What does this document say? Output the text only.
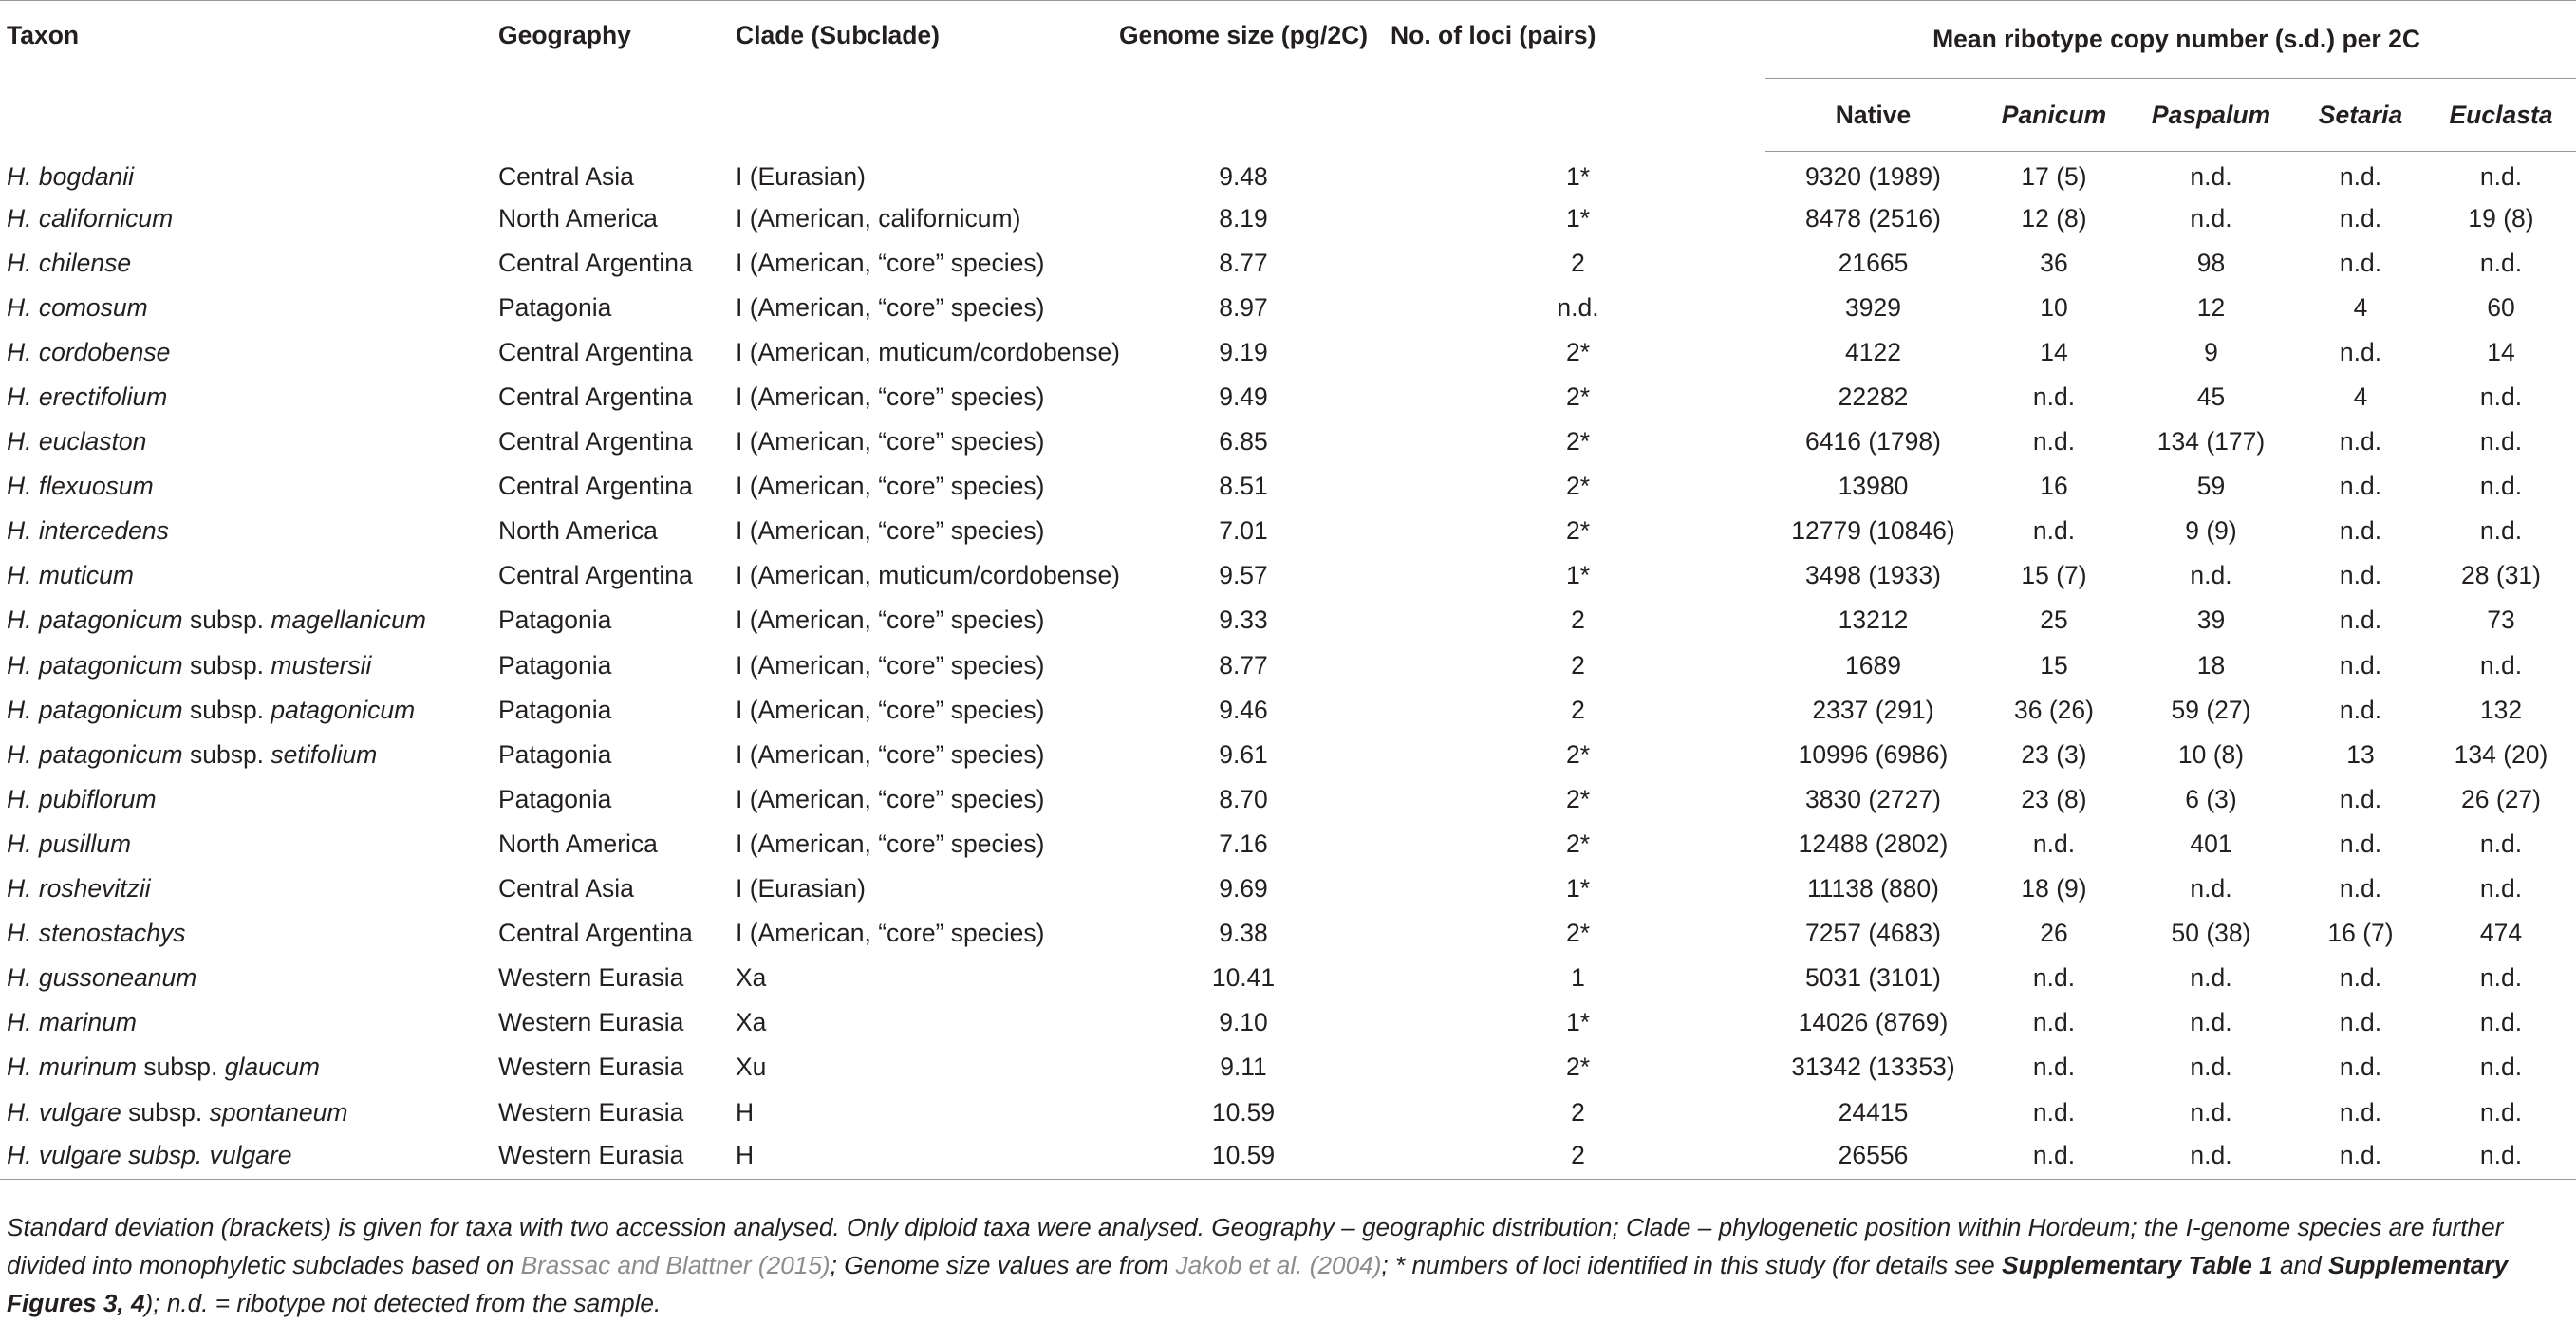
Taxon	Geography	Clade (Subclade)	Genome size (pg/2C)	No. of loci (pairs)	Mean ribotype copy number (s.d.) per 2C				
					Native	Panicum	Paspalum	Setaria	Euclasta
H. bogdanii	Central Asia	I (Eurasian)	9.48	1*	9320 (1989)	17 (5)	n.d.	n.d.	n.d.
H. californicum	North America	I (American, californicum)	8.19	1*	8478 (2516)	12 (8)	n.d.	n.d.	19 (8)
H. chilense	Central Argentina	I (American, “core” species)	8.77	2	21665	36	98	n.d.	n.d.
H. comosum	Patagonia	I (American, “core” species)	8.97	n.d.	3929	10	12	4	60
H. cordobense	Central Argentina	I (American, muticum/cordobense)	9.19	2*	4122	14	9	n.d.	14
H. erectifolium	Central Argentina	I (American, “core” species)	9.49	2*	22282	n.d.	45	4	n.d.
H. euclaston	Central Argentina	I (American, “core” species)	6.85	2*	6416 (1798)	n.d.	134 (177)	n.d.	n.d.
H. flexuosum	Central Argentina	I (American, “core” species)	8.51	2*	13980	16	59	n.d.	n.d.
H. intercedens	North America	I (American, “core” species)	7.01	2*	12779 (10846)	n.d.	9 (9)	n.d.	n.d.
H. muticum	Central Argentina	I (American, muticum/cordobense)	9.57	1*	3498 (1933)	15 (7)	n.d.	n.d.	28 (31)
H. patagonicum subsp. magellanicum	Patagonia	I (American, “core” species)	9.33	2	13212	25	39	n.d.	73
H. patagonicum subsp. mustersii	Patagonia	I (American, “core” species)	8.77	2	1689	15	18	n.d.	n.d.
H. patagonicum subsp. patagonicum	Patagonia	I (American, “core” species)	9.46	2	2337 (291)	36 (26)	59 (27)	n.d.	132
H. patagonicum subsp. setifolium	Patagonia	I (American, “core” species)	9.61	2*	10996 (6986)	23 (3)	10 (8)	13	134 (20)
H. pubiflorum	Patagonia	I (American, “core” species)	8.70	2*	3830 (2727)	23 (8)	6 (3)	n.d.	26 (27)
H. pusillum	North America	I (American, “core” species)	7.16	2*	12488 (2802)	n.d.	401	n.d.	n.d.
H. roshevitzii	Central Asia	I (Eurasian)	9.69	1*	11138 (880)	18 (9)	n.d.	n.d.	n.d.
H. stenostachys	Central Argentina	I (American, “core” species)	9.38	2*	7257 (4683)	26	50 (38)	16 (7)	474
H. gussoneanum	Western Eurasia	Xa	10.41	1	5031 (3101)	n.d.	n.d.	n.d.	n.d.
H. marinum	Western Eurasia	Xa	9.10	1*	14026 (8769)	n.d.	n.d.	n.d.	n.d.
H. murinum subsp. glaucum	Western Eurasia	Xu	9.11	2*	31342 (13353)	n.d.	n.d.	n.d.	n.d.
H. vulgare subsp. spontaneum	Western Eurasia	H	10.59	2	24415	n.d.	n.d.	n.d.	n.d.
H. vulgare subsp. vulgare	Western Eurasia	H	10.59	2	26556	n.d.	n.d.	n.d.	n.d.
Standard deviation (brackets) is given for taxa with two accession analysed. Only diploid taxa were analysed. Geography – geographic distribution; Clade – phylogenetic position within Hordeum; the I-genome species are further divided into monophyletic subclades based on Brassac and Blattner (2015); Genome size values are from Jakob et al. (2004); * numbers of loci identified in this study (for details see Supplementary Table 1 and Supplementary Figures 3, 4); n.d. = ribotype not detected from the sample.
